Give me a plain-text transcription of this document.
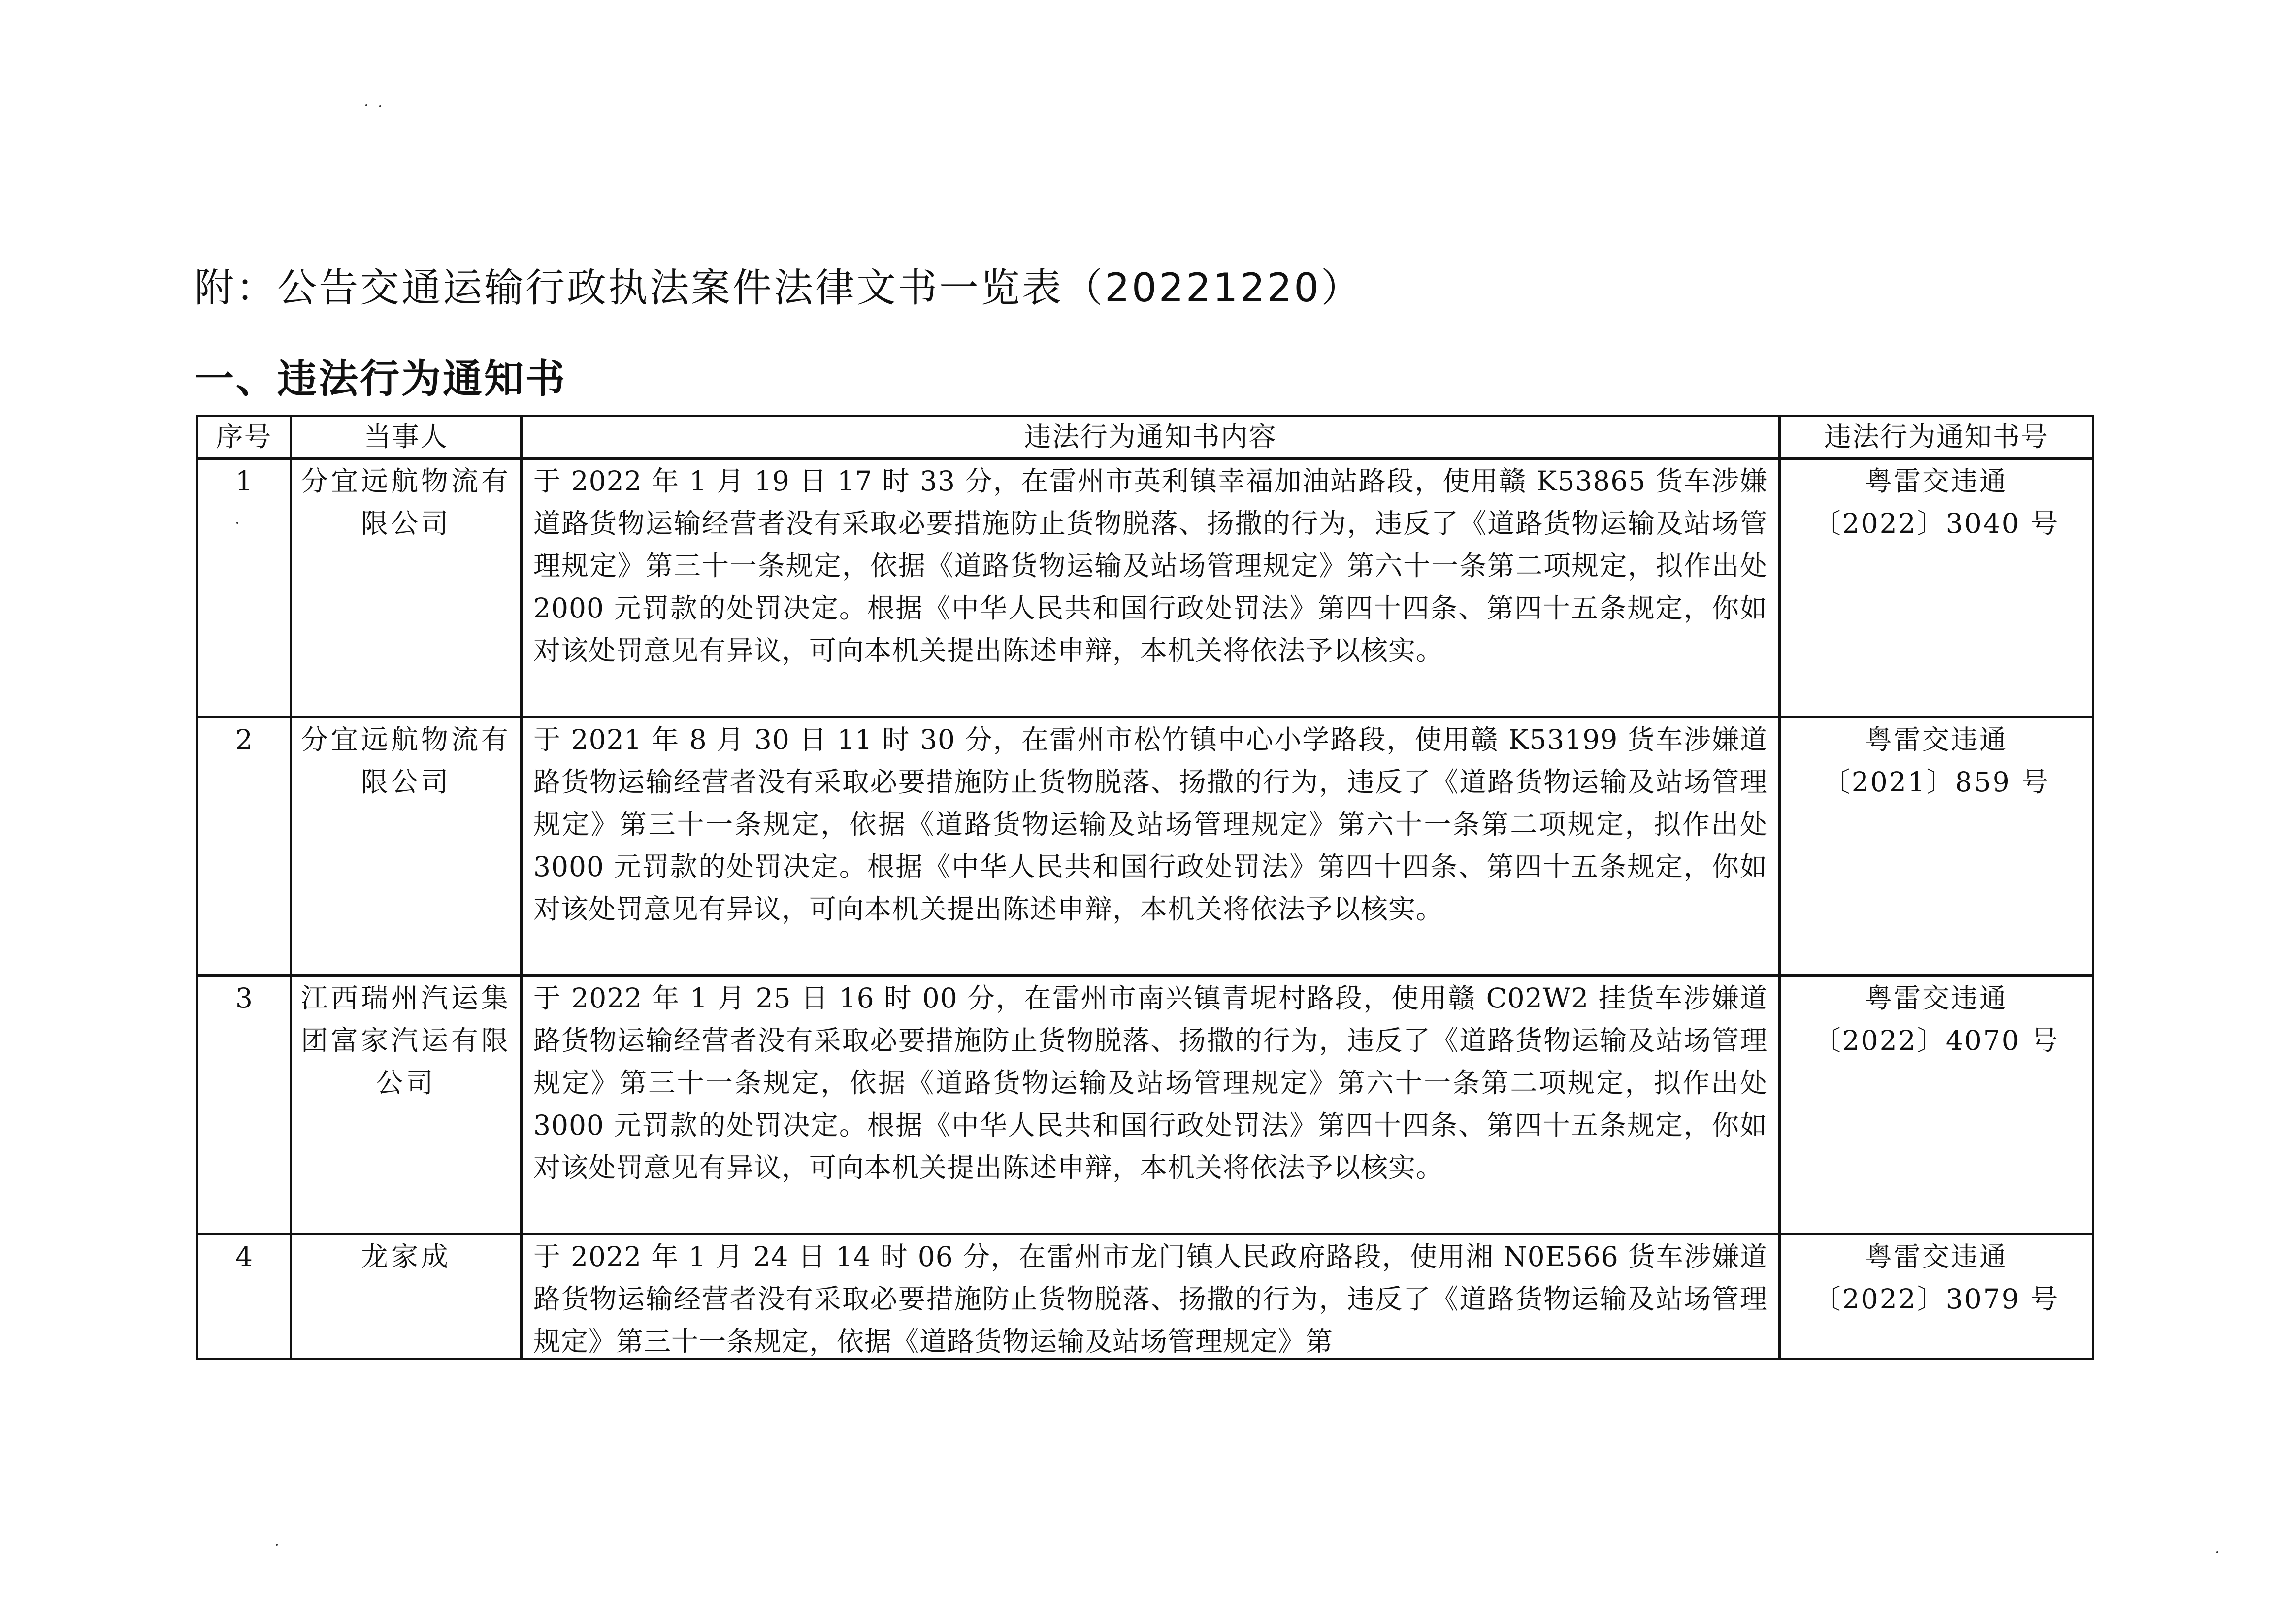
附：公告交通运输行政执法案件法律文书一览表（20221220）
一、违法行为通知书
序号	当事人	违法行为通知书内容	违法行为通知书号
1	分宜远航物流有限公司	于 2022 年 1 月 19 日 17 时 33 分，在雷州市英利镇幸福加油站路段，使用赣 K53865 货车涉嫌道路货物运输经营者没有采取必要措施防止货物脱落、扬撒的行为，违反了《道路货物运输及站场管理规定》第三十一条规定，依据《道路货物运输及站场管理规定》第六十一条第二项规定，拟作出处 2000 元罚款的处罚决定。根据《中华人民共和国行政处罚法》第四十四条、第四十五条规定，你如对该处罚意见有异议，可向本机关提出陈述申辩，本机关将依法予以核实。	粤雷交违通
〔2022〕3040 号

2	分宜远航物流有限公司	于 2021 年 8 月 30 日 11 时 30 分，在雷州市松竹镇中心小学路段，使用赣 K53199 货车涉嫌道路货物运输经营者没有采取必要措施防止货物脱落、扬撒的行为，违反了《道路货物运输及站场管理规定》第三十一条规定，依据《道路货物运输及站场管理规定》第六十一条第二项规定，拟作出处 3000 元罚款的处罚决定。根据《中华人民共和国行政处罚法》第四十四条、第四十五条规定，你如对该处罚意见有异议，可向本机关提出陈述申辩，本机关将依法予以核实。	粤雷交违通
〔2021〕859 号

3	江西瑞州汽运集团富家汽运有限公司	于 2022 年 1 月 25 日 16 时 00 分，在雷州市南兴镇青坭村路段，使用赣 C02W2 挂货车涉嫌道路货物运输经营者没有采取必要措施防止货物脱落、扬撒的行为，违反了《道路货物运输及站场管理规定》第三十一条规定，依据《道路货物运输及站场管理规定》第六十一条第二项规定，拟作出处 3000 元罚款的处罚决定。根据《中华人民共和国行政处罚法》第四十四条、第四十五条规定，你如对该处罚意见有异议，可向本机关提出陈述申辩，本机关将依法予以核实。	粤雷交违通
〔2022〕4070 号

4	龙家成	于 2022 年 1 月 24 日 14 时 06 分，在雷州市龙门镇人民政府路段，使用湘 N0E566 货车涉嫌道路货物运输经营者没有采取必要措施防止货物脱落、扬撒的行为，违反了《道路货物运输及站场管理规定》第三十一条规定，依据《道路货物运输及站场管理规定》第	粤雷交违通
〔2022〕3079 号
